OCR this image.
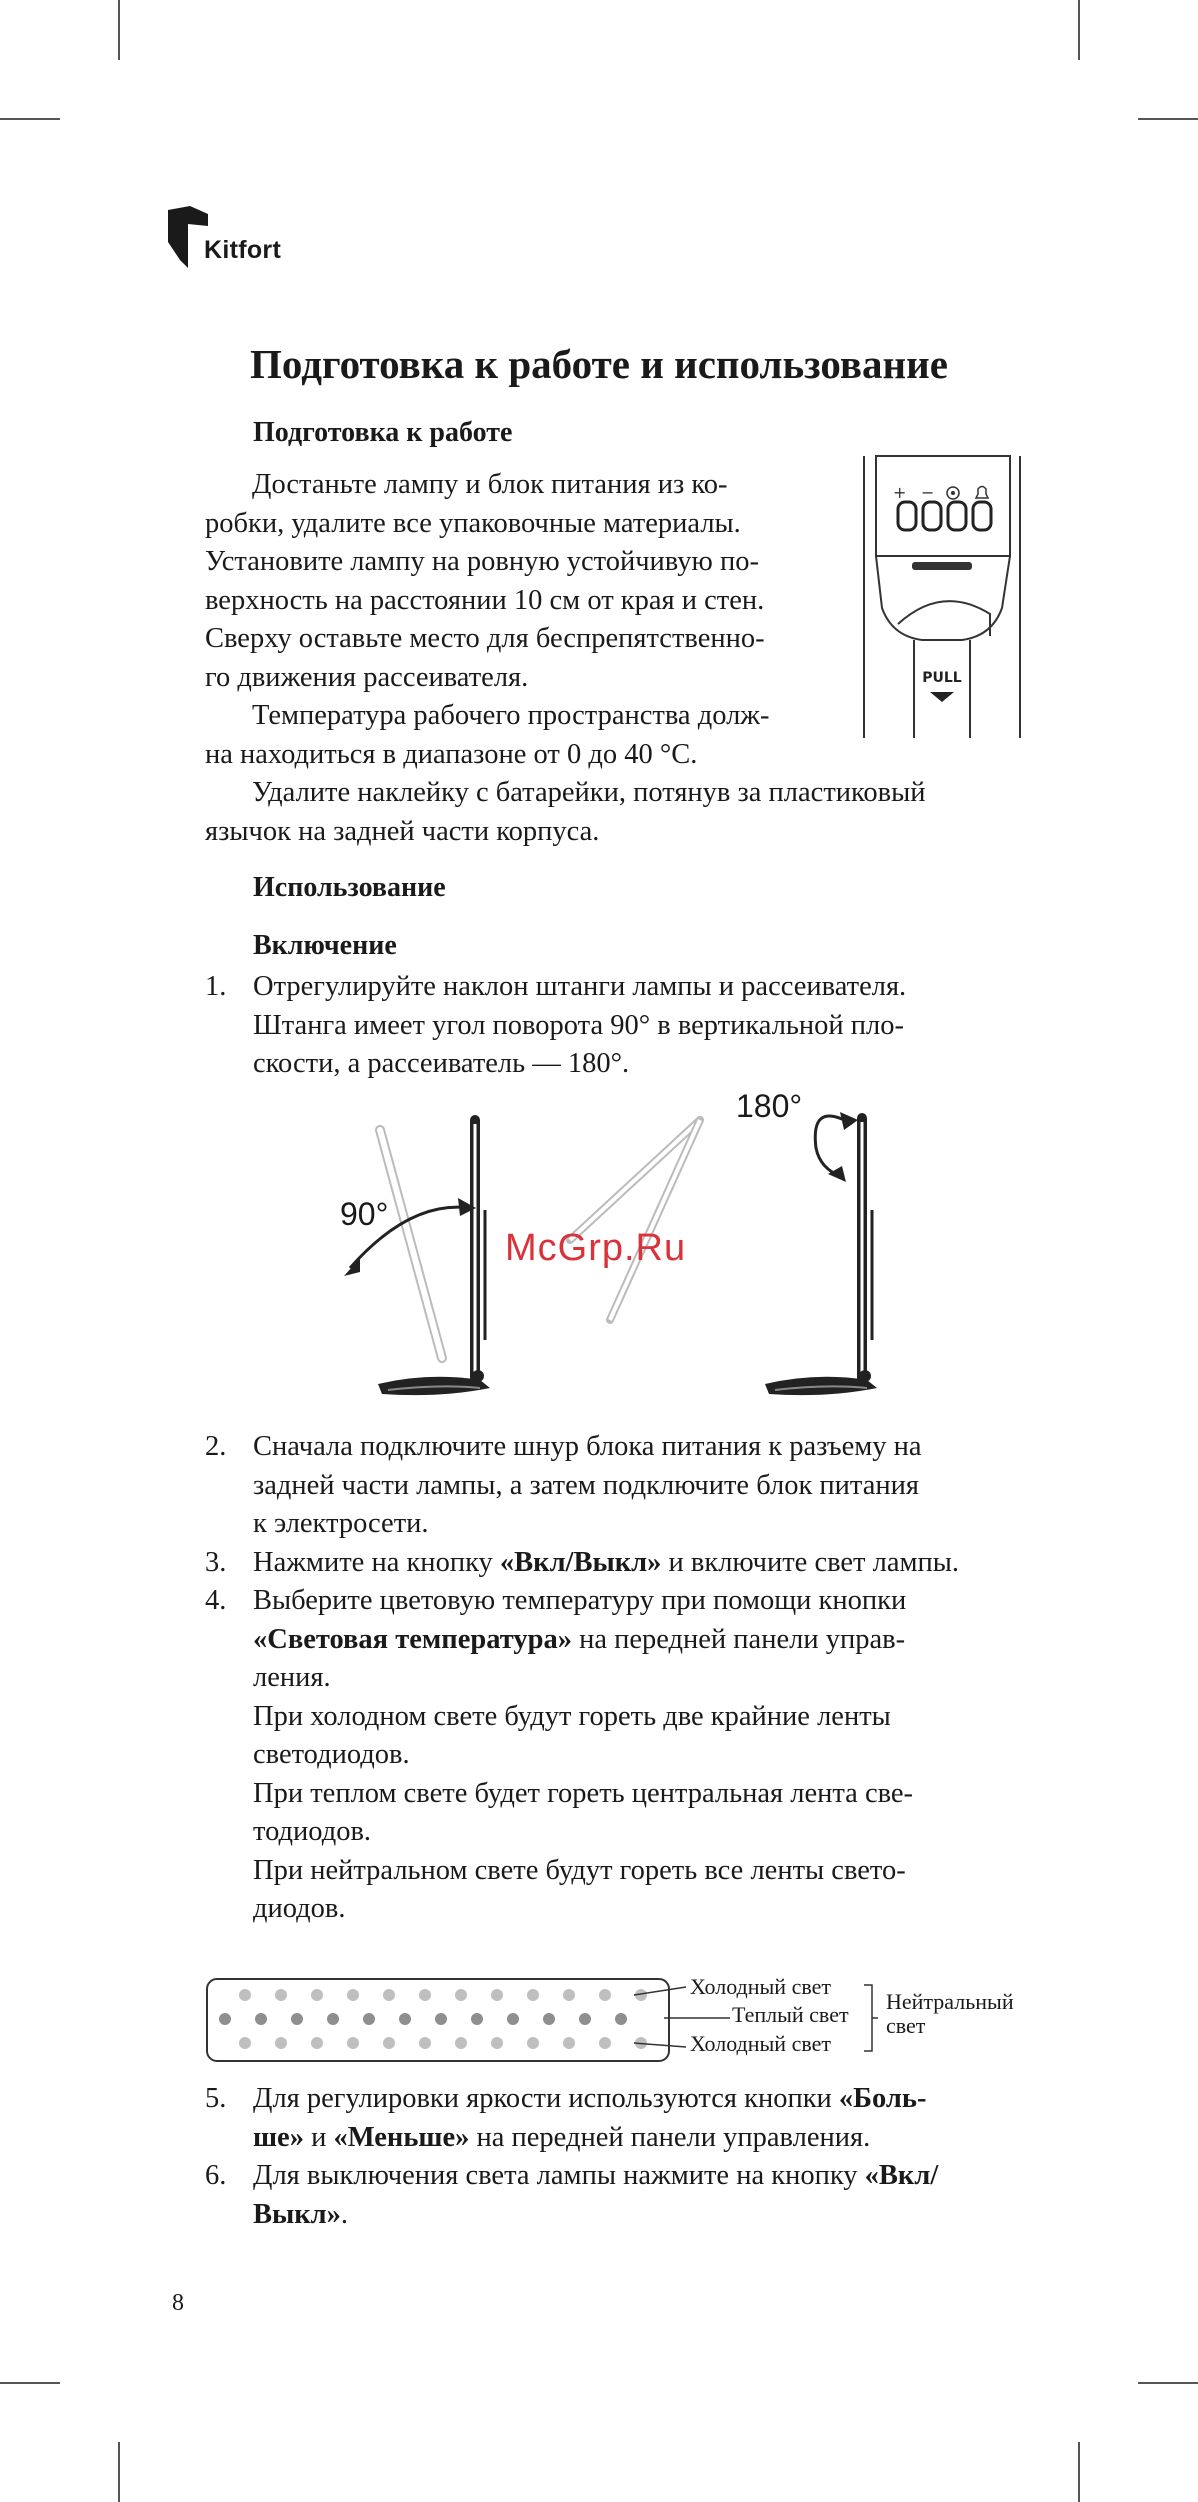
Kitfort
Подготовка к работе и использование
Подготовка к работе
Достаньте лампу и блок питания из ко-
робки, удалите все упаковочные материалы.
Установите лампу на ровную устойчивую по-
верхность на расстоянии 10 см от края и стен.
Сверху оставьте место для беспрепятственно-
го движения рассеивателя.
Температура рабочего пространства долж-
на находиться в диапазоне от 0 до 40 °С.
Удалите наклейку с батарейки, потянув за пластиковый
язычок на задней части корпуса.
+ −
PULL
Использование
Включение
1. Отрегулируйте наклон штанги лампы и рассеивателя.
Штанга имеет угол поворота 90° в вертикальной пло-
скости, а рассеиватель — 180°.
90°
180°
McGrp.Ru
2. Сначала подключите шнур блока питания к разъему на
задней части лампы, а затем подключите блок питания
к электросети.
3. Нажмите на кнопку «Вкл/Выкл» и включите свет лампы.
4. Выберите цветовую температуру при помощи кнопки
«Световая температура» на передней панели управ-
ления.
При холодном свете будут гореть две крайние ленты
светодиодов.
При теплом свете будет гореть центральная лента све-
тодиодов.
При нейтральном свете будут гореть все ленты свето-
диодов.
Холодный свет
Теплый свет
Холодный свет
Нейтральный
свет
5. Для регулировки яркости используются кнопки «Боль-
ше» и «Меньше» на передней панели управления.
6. Для выключения света лампы нажмите на кнопку «Вкл/
Выкл».
8
